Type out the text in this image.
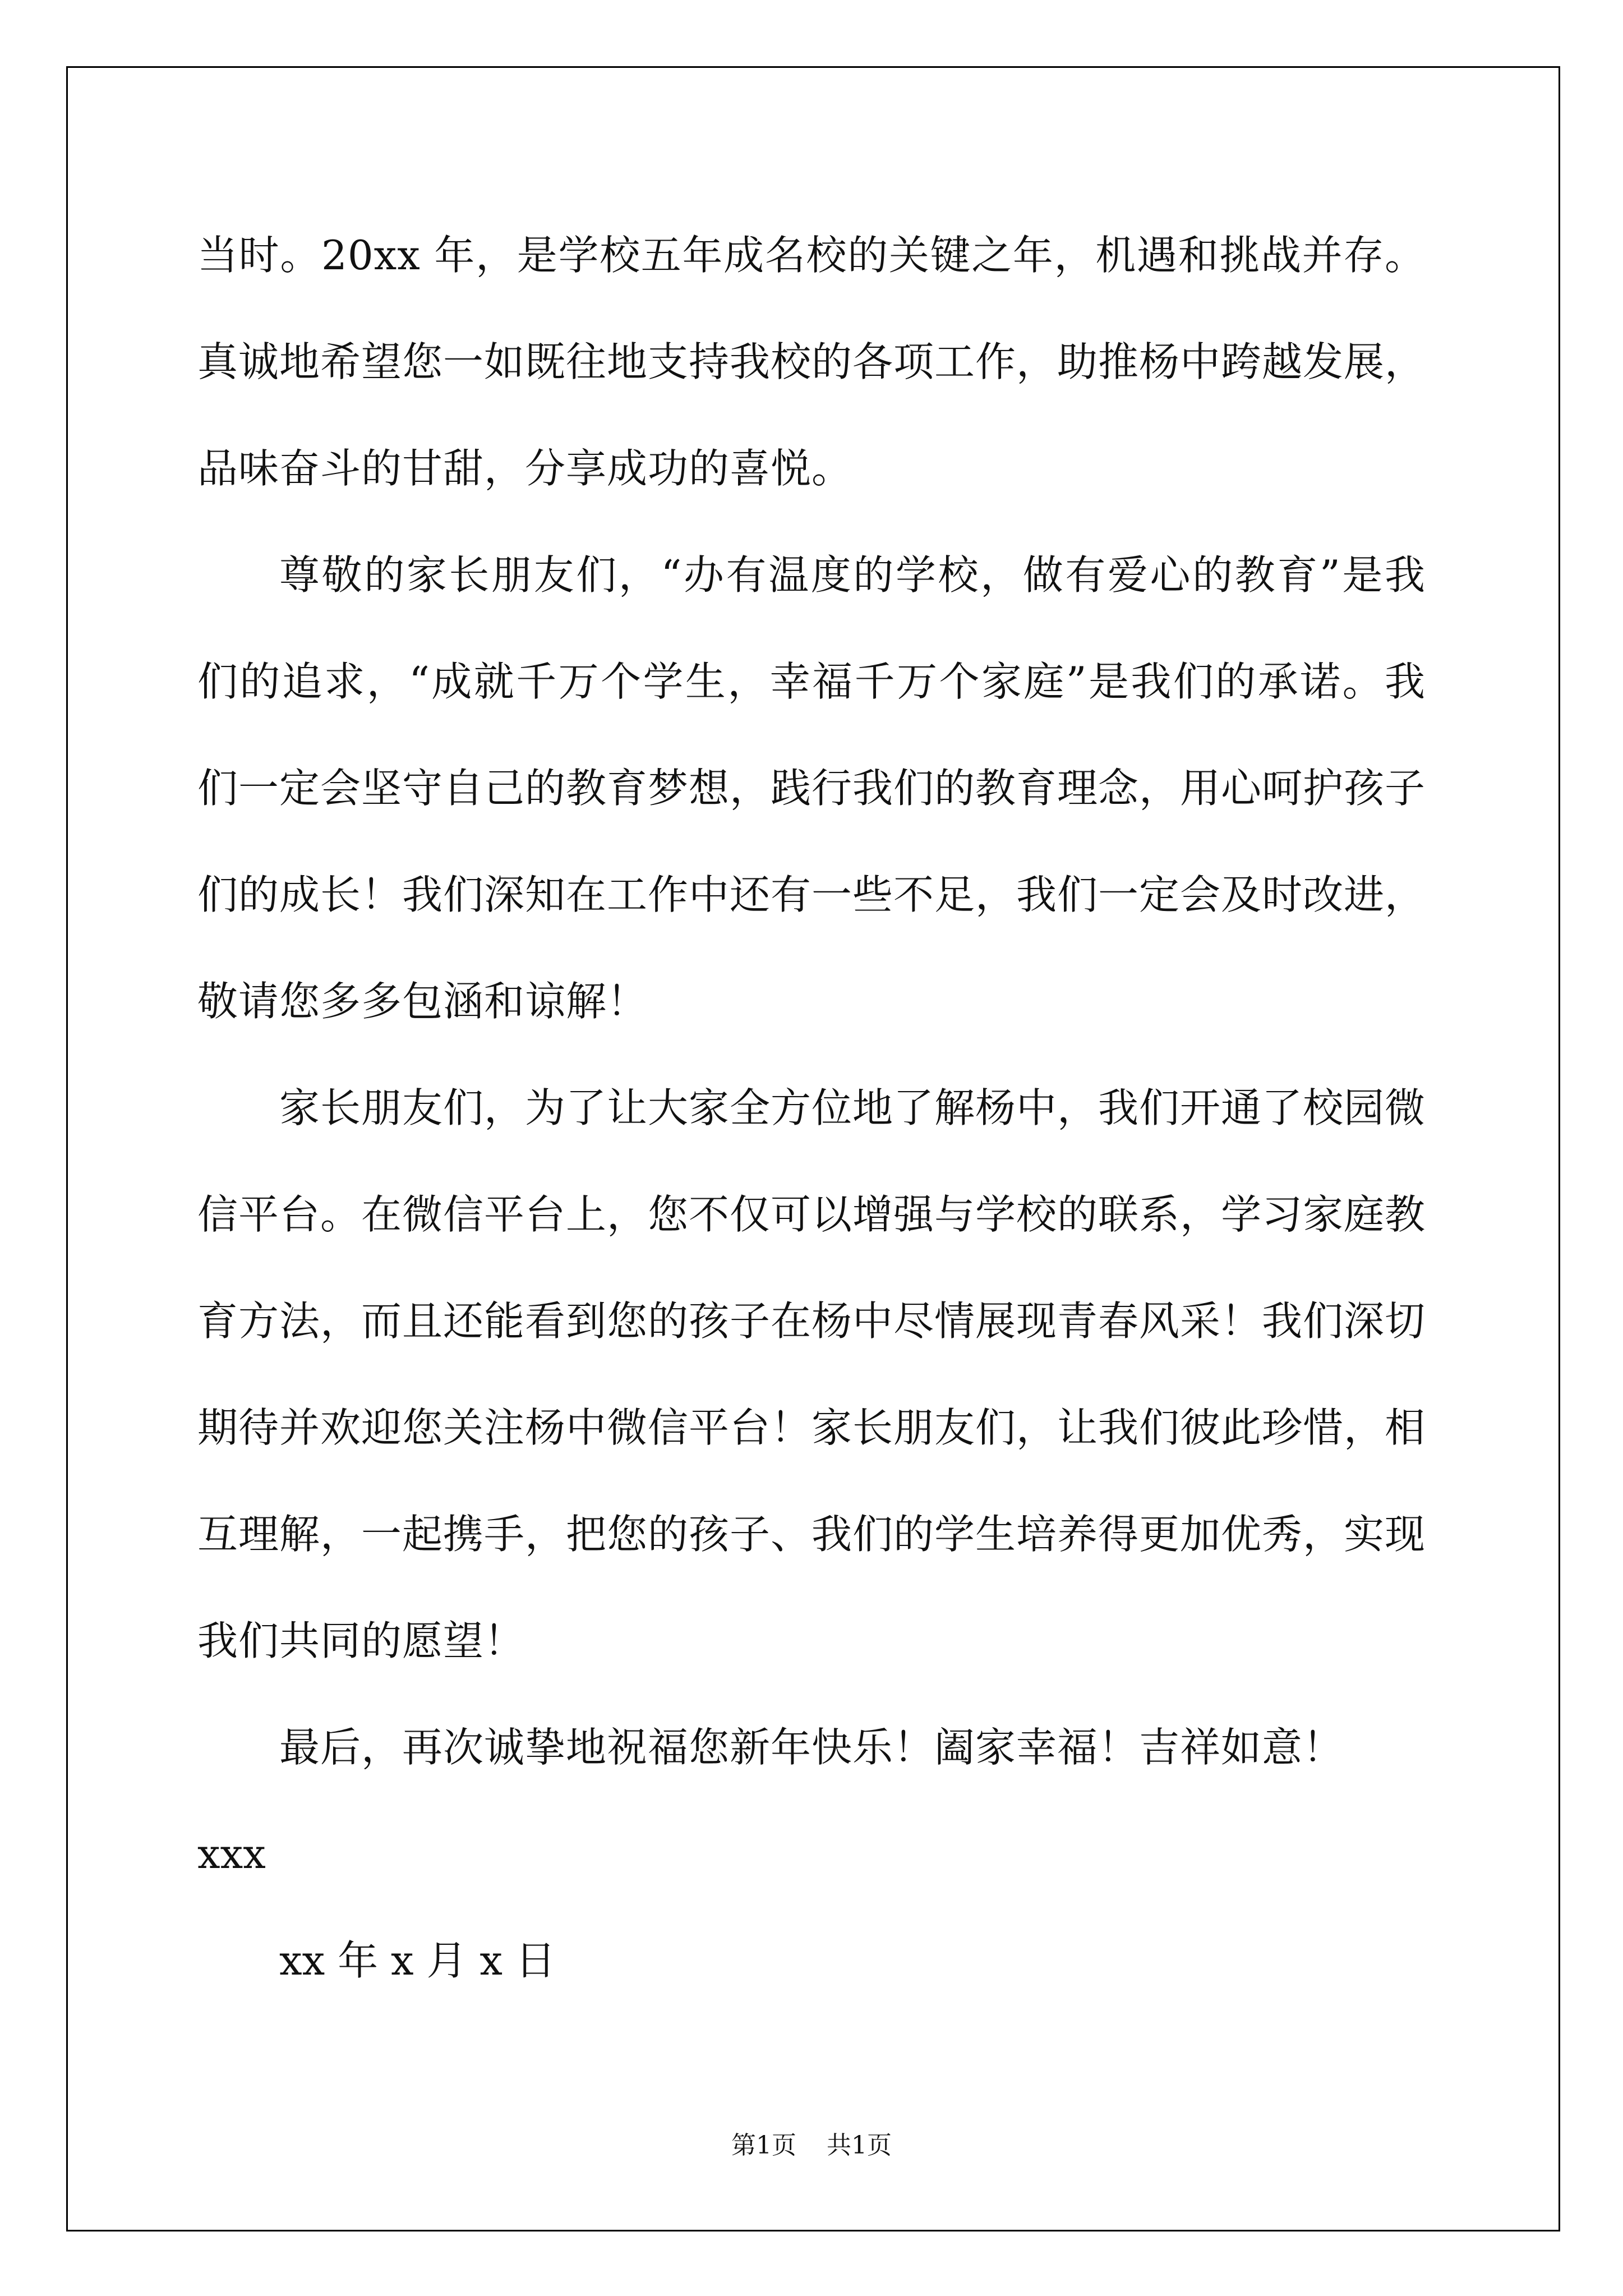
当时。20xx 年，是学校五年成名校的关键之年，机遇和挑战并存。真诚地希望您一如既往地支持我校的各项工作，助推杨中跨越发展，品味奋斗的甘甜，分享成功的喜悦。

尊敬的家长朋友们，“办有温度的学校，做有爱心的教育”是我们的追求，“成就千万个学生，幸福千万个家庭”是我们的承诺。我们一定会坚守自己的教育梦想，践行我们的教育理念，用心呵护孩子们的成长！我们深知在工作中还有一些不足，我们一定会及时改进，敬请您多多包涵和谅解！

家长朋友们，为了让大家全方位地了解杨中，我们开通了校园微信平台。在微信平台上，您不仅可以增强与学校的联系，学习家庭教育方法，而且还能看到您的孩子在杨中尽情展现青春风采！我们深切期待并欢迎您关注杨中微信平台！家长朋友们，让我们彼此珍惜，相互理解，一起携手，把您的孩子、我们的学生培养得更加优秀，实现我们共同的愿望！

最后，再次诚挚地祝福您新年快乐！阖家幸福！吉祥如意！

xxx

xx 年 x 月 x 日

第1页 共1页
